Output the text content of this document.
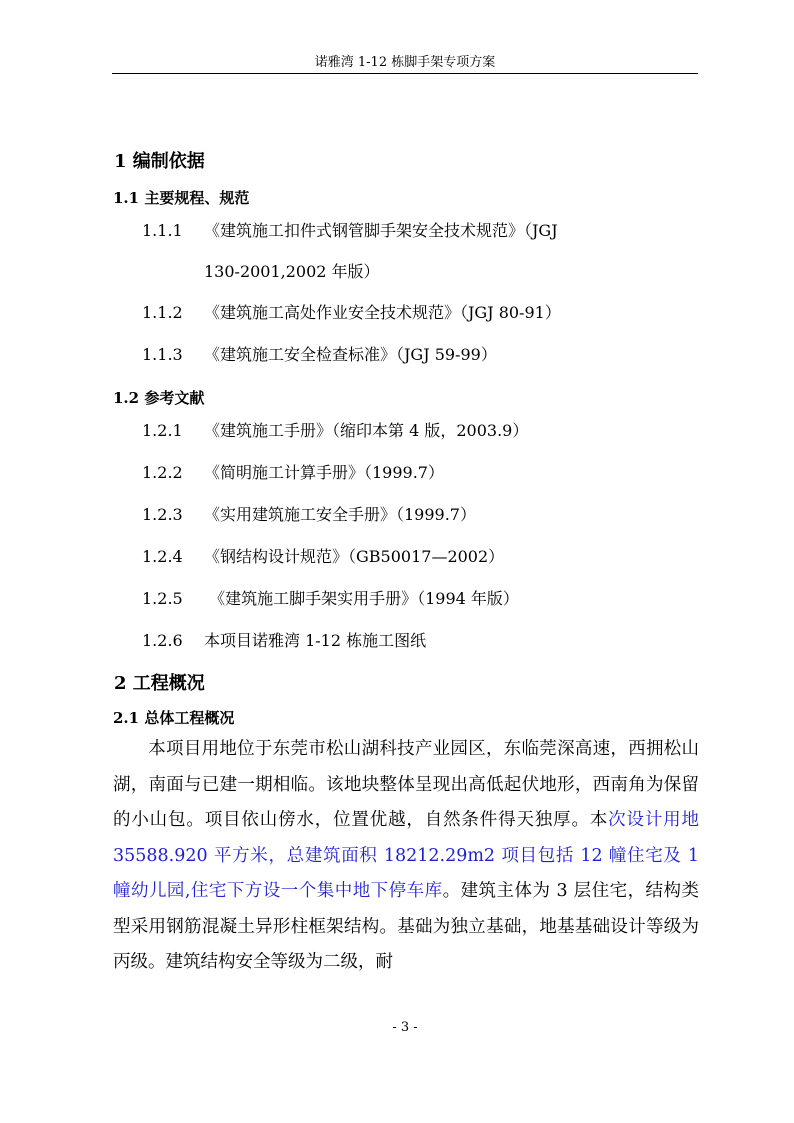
诺雅湾 1-12 栋脚手架专项方案
1 编制依据
1.1 主要规程、规范
1.1.1 《建筑施工扣件式钢管脚手架安全技术规范》（JGJ
130-2001,2002 年版）
1.1.2 《建筑施工高处作业安全技术规范》（JGJ 80-91）
1.1.3 《建筑施工安全检查标准》（JGJ 59-99）
1.2 参考文献
1.2.1 《建筑施工手册》（缩印本第 4 版，2003.9）
1.2.2 《简明施工计算手册》（1999.7）
1.2.3 《实用建筑施工安全手册》（1999.7）
1.2.4 《钢结构设计规范》（GB50017—2002）
1.2.5 《建筑施工脚手架实用手册》（1994 年版）
1.2.6 本项目诺雅湾 1-12 栋施工图纸
2 工程概况
2.1 总体工程概况
本项目用地位于东莞市松山湖科技产业园区，东临莞深高速，西拥松山湖，南面与已建一期相临。该地块整体呈现出高低起伏地形，西南角为保留的小山包。项目依山傍水，位置优越，自然条件得天独厚。本次设计用地 35588.920 平方米，总建筑面积 18212.29m2 项目包括 12 幢住宅及 1 幢幼儿园,住宅下方设一个集中地下停车库。建筑主体为 3 层住宅，结构类型采用钢筋混凝土异形柱框架结构。基础为独立基础，地基基础设计等级为丙级。建筑结构安全等级为二级，耐
- 3 -
